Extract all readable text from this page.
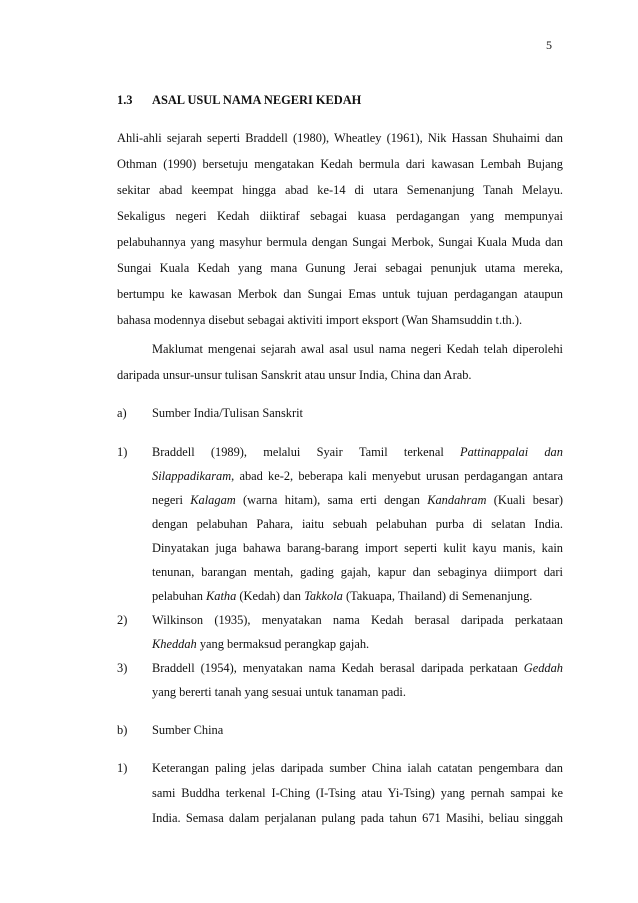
5
1.3 ASAL USUL NAMA NEGERI KEDAH
Ahli-ahli sejarah seperti Braddell (1980), Wheatley (1961), Nik Hassan Shuhaimi dan
Othman (1990) bersetuju mengatakan Kedah bermula dari kawasan Lembah Bujang
sekitar abad keempat hingga abad ke-14 di utara Semenanjung Tanah Melayu.
Sekaligus negeri Kedah diiktiraf sebagai kuasa perdagangan yang mempunyai
pelabuhannya yang masyhur bermula dengan Sungai Merbok, Sungai Kuala Muda dan
Sungai Kuala Kedah yang mana Gunung Jerai sebagai penunjuk utama mereka,
bertumpu ke kawasan Merbok dan Sungai Emas untuk tujuan perdagangan ataupun
bahasa modennya disebut sebagai aktiviti import eksport (Wan Shamsuddin t.th.).
Maklumat mengenai sejarah awal asal usul nama negeri Kedah telah diperolehi
daripada unsur-unsur tulisan Sanskrit atau unsur India, China dan Arab.
a) Sumber India/Tulisan Sanskrit
1) Braddell (1989), melalui Syair Tamil terkenal Pattinappalai dan
Silappadikaram, abad ke-2, beberapa kali menyebut urusan perdagangan antara
negeri Kalagam (warna hitam), sama erti dengan Kandahram (Kuali besar)
dengan pelabuhan Pahara, iaitu sebuah pelabuhan purba di selatan India.
Dinyatakan juga bahawa barang-barang import seperti kulit kayu manis, kain
tenunan, barangan mentah, gading gajah, kapur dan sebaginya diimport dari
pelabuhan Katha (Kedah) dan Takkola (Takuapa, Thailand) di Semenanjung.
2) Wilkinson (1935), menyatakan nama Kedah berasal daripada perkataan
Kheddah yang bermaksud perangkap gajah.
3) Braddell (1954), menyatakan nama Kedah berasal daripada perkataan Geddah
yang bererti tanah yang sesuai untuk tanaman padi.
b) Sumber China
1) Keterangan paling jelas daripada sumber China ialah catatan pengembara dan
sami Buddha terkenal I-Ching (I-Tsing atau Yi-Tsing) yang pernah sampai ke
India. Semasa dalam perjalanan pulang pada tahun 671 Masihi, beliau singgah
